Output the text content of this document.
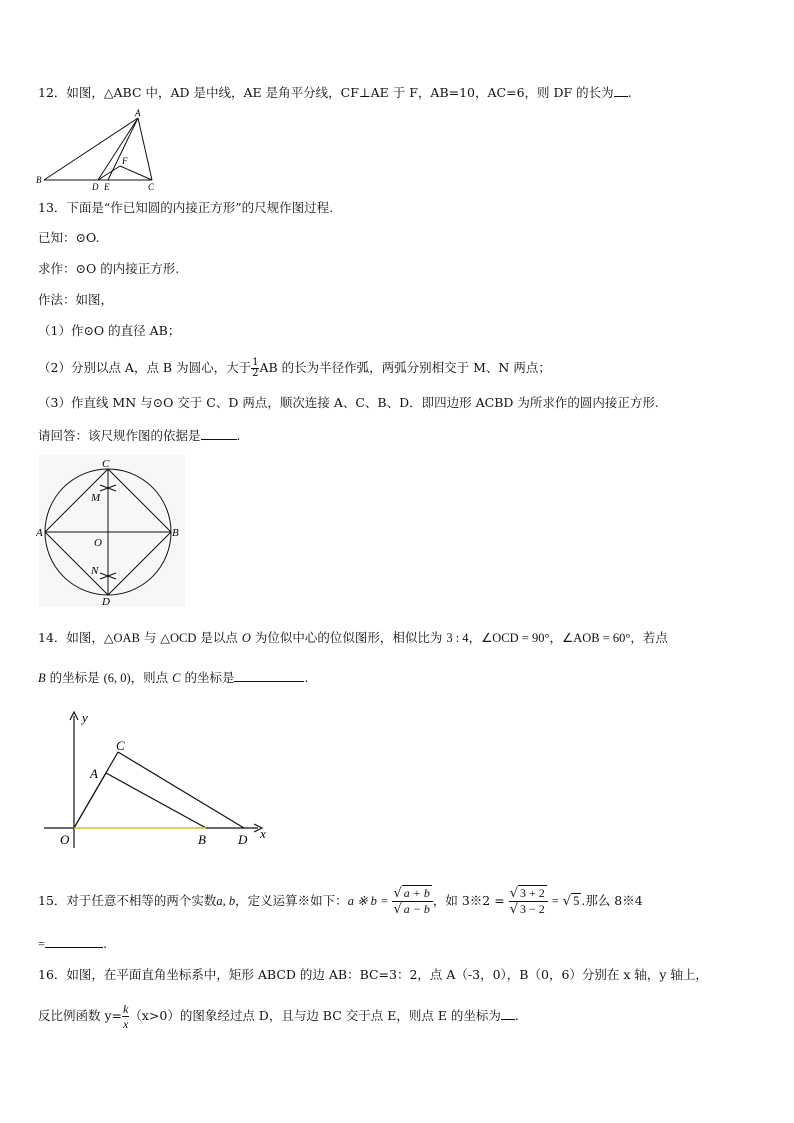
12．如图，△ABC 中，AD 是中线，AE 是角平分线，CF⊥AE 于 F，AB=10，AC=6，则 DF 的长为 .
A
B
C
D E
F
13．下面是“作已知圆的内接正方形”的尺规作图过程.
已知：⊙O.
求作：⊙O 的内接正方形.
作法：如图，
（1）作⊙O 的直径 AB；
（2）分别以点 A，点 B 为圆心，大于 $\frac{1}{2}$ AB 的长为半径作弧，两弧分别相交于 M、N 两点；
（3）作直线 MN 与⊙O 交于 C、D 两点，顺次连接 A、C、B、D．即四边形 ACBD 为所求作的圆内接正方形.
请回答：该尺规作图的依据是	.
C
M
A	B
O
N
D
14．如图，△OAB 与 △OCD 是以点 O 为位似中心的位似图形，相似比为 3 : 4，∠OCD = 90°，∠AOB = 60°，若点
B 的坐标是 (6, 0)，则点 C 的坐标是	.
y
C
A
O	B D x
15．对于任意不相等的两个实数a, b，定义运算※如下：a ※ $b = \frac{√ a + b}{√ a - b}$ ，如 3※2 = $\frac{√ 3 + 2}{√ 3 - 2}$ = √ 5 .那么 8※4
=	.
16．如图，在平面直角坐标系中，矩形 ABCD 的边 AB：BC=3：2，点 A（-3，0），B（0，6）分别在 x 轴，y 轴上，
反比例函数 $y= \frac{k}{x} (x>0)$的图象经过点 D，且与边 BC 交于点 E，则点 E 的坐标为 .
